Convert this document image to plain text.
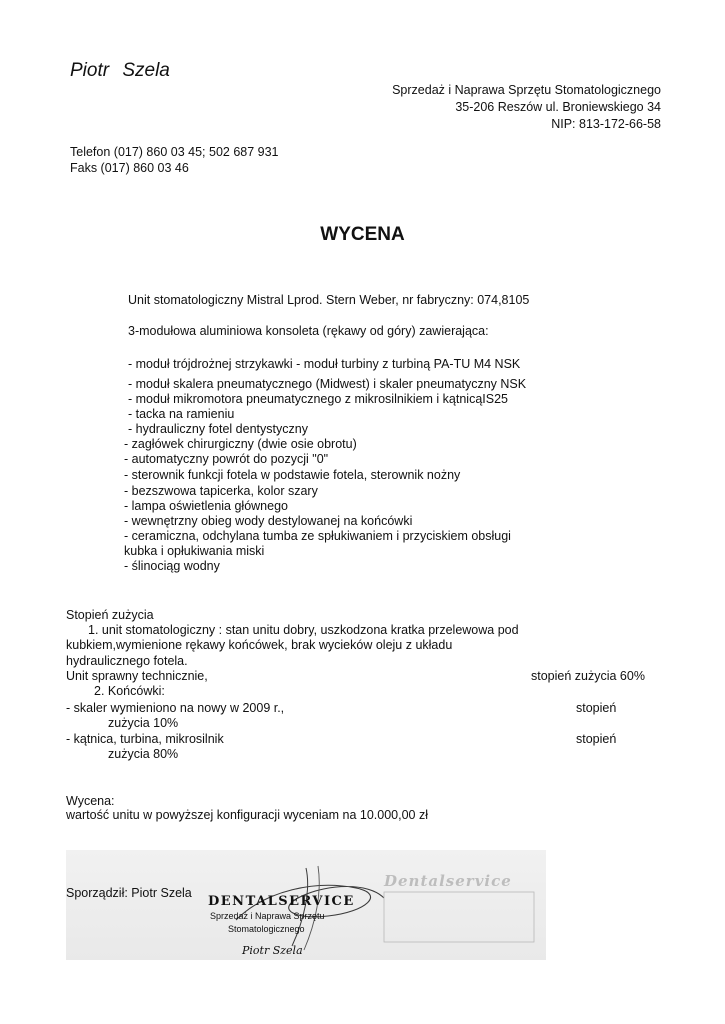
Piotr Szela
Sprzedaż i Naprawa Sprzętu Stomatologicznego
35-206 Reszów ul. Broniewskiego 34
NIP: 813-172-66-58
Telefon (017) 860 03 45; 502 687 931
Faks (017) 860 03 46
WYCENA
Unit stomatologiczny Mistral Lprod. Stern Weber, nr fabryczny: 074,8105
3-modułowa aluminiowa konsoleta (rękawy od góry) zawierająca:
- moduł trójdrożnej strzykawki - moduł turbiny z turbiną PA-TU M4 NSK
- moduł skalera pneumatycznego (Midwest) i skaler pneumatyczny NSK
- moduł mikromotora pneumatycznego z mikrosilnikiem i kątnicąIS25
- tacka na ramieniu
- hydrauliczny fotel dentystyczny
- zagłówek chirurgiczny (dwie osie obrotu)
- automatyczny powrót do pozycji "0"
- sterownik funkcji fotela w podstawie fotela, sterownik nożny
- bezszwowa tapicerka, kolor szary
- lampa oświetlenia głównego
- wewnętrzny obieg wody destylowanej na końcówki
- ceramiczna, odchylana tumba ze spłukiwaniem i przyciskiem obsługi
kubka i opłukiwania miski
- ślinociąg wodny
Stopień zużycia
1. unit stomatologiczny : stan unitu dobry, uszkodzona kratka przelewowa pod
kubkiem,wymienione rękawy końcówek, brak wycieków oleju z układu
hydraulicznego fotela.
Unit sprawny technicznie,	stopień zużycia 60%
2. Końcówki:
- skaler wymieniono na nowy w 2009 r.,	stopień
zużycia 10%
- kątnica, turbina, mikrosilnik	stopień
zużycia 80%
Wycena:
wartość unitu w powyższej konfiguracji wyceniam na 10.000,00 zł
Sporządził: Piotr Szela
DENTALSERVICE
Sprzedaż i Naprawa Sprzętu
Stomatologicznego
Piotr Szela
Dentalservice
